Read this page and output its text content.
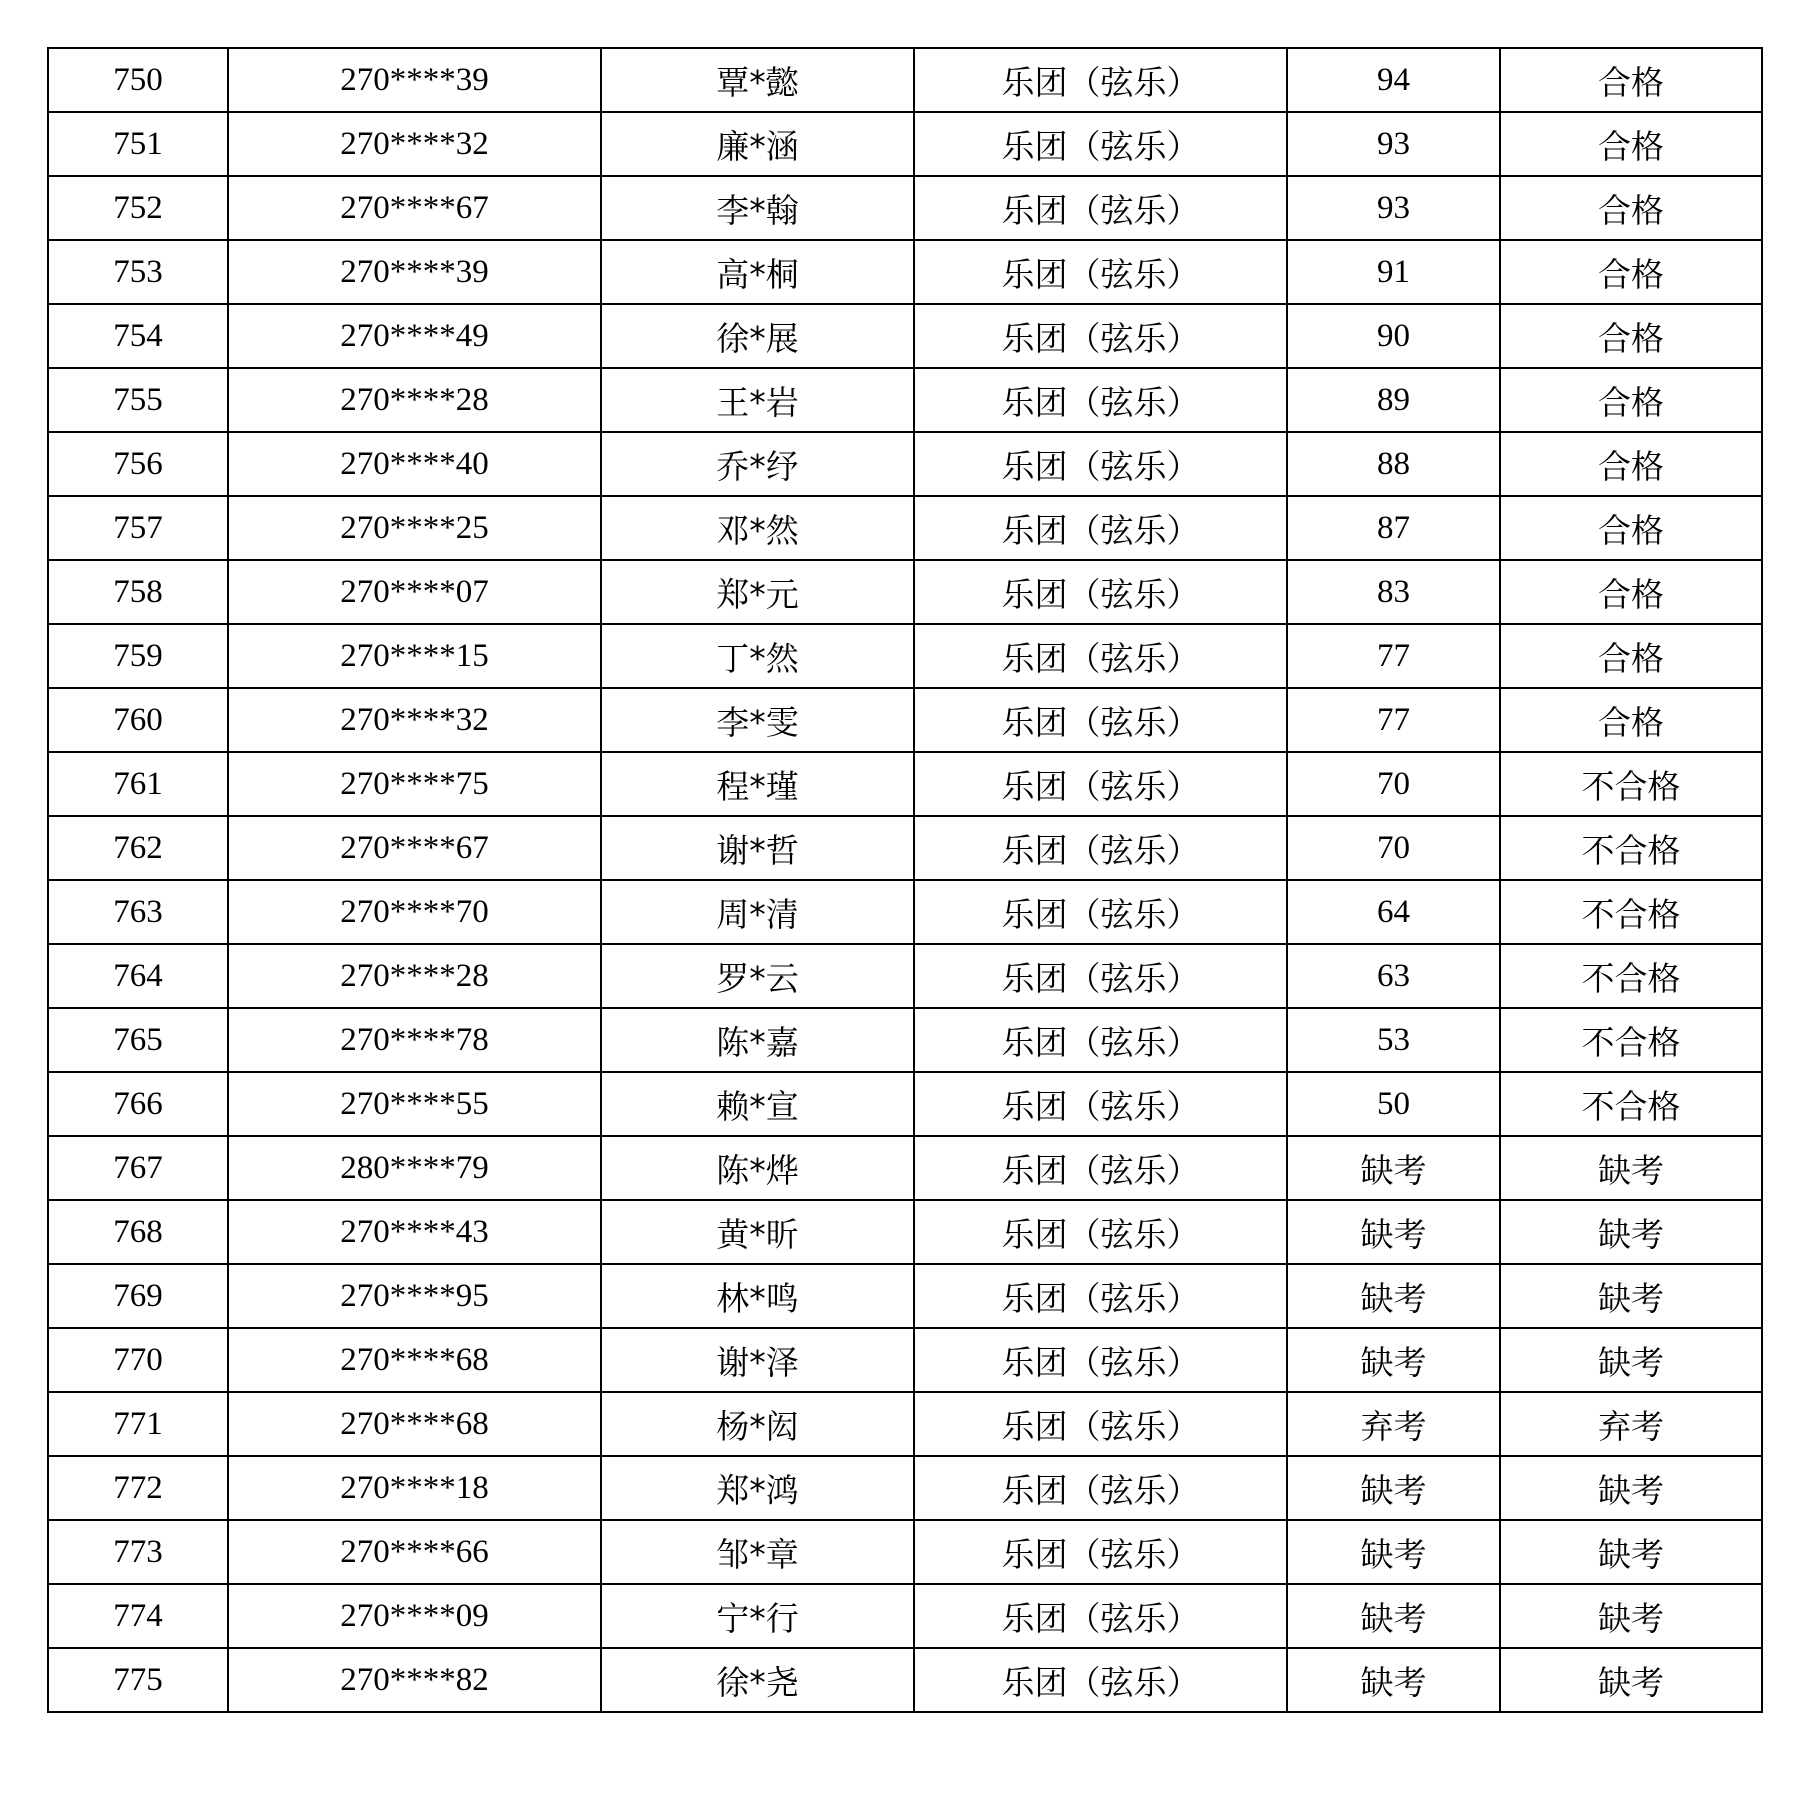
750	270****39	覃*懿	乐团（弦乐）	94	合格
751	270****32	廉*涵	乐团（弦乐）	93	合格
752	270****67	李*翰	乐团（弦乐）	93	合格
753	270****39	高*桐	乐团（弦乐）	91	合格
754	270****49	徐*展	乐团（弦乐）	90	合格
755	270****28	王*岩	乐团（弦乐）	89	合格
756	270****40	乔*纾	乐团（弦乐）	88	合格
757	270****25	邓*然	乐团（弦乐）	87	合格
758	270****07	郑*元	乐团（弦乐）	83	合格
759	270****15	丁*然	乐团（弦乐）	77	合格
760	270****32	李*雯	乐团（弦乐）	77	合格
761	270****75	程*瑾	乐团（弦乐）	70	不合格
762	270****67	谢*哲	乐团（弦乐）	70	不合格
763	270****70	周*清	乐团（弦乐）	64	不合格
764	270****28	罗*云	乐团（弦乐）	63	不合格
765	270****78	陈*嘉	乐团（弦乐）	53	不合格
766	270****55	赖*宣	乐团（弦乐）	50	不合格
767	280****79	陈*烨	乐团（弦乐）	缺考	缺考
768	270****43	黄*昕	乐团（弦乐）	缺考	缺考
769	270****95	林*鸣	乐团（弦乐）	缺考	缺考
770	270****68	谢*泽	乐团（弦乐）	缺考	缺考
771	270****68	杨*闳	乐团（弦乐）	弃考	弃考
772	270****18	郑*鸿	乐团（弦乐）	缺考	缺考
773	270****66	邹*章	乐团（弦乐）	缺考	缺考
774	270****09	宁*行	乐团（弦乐）	缺考	缺考
775	270****82	徐*尧	乐团（弦乐）	缺考	缺考
